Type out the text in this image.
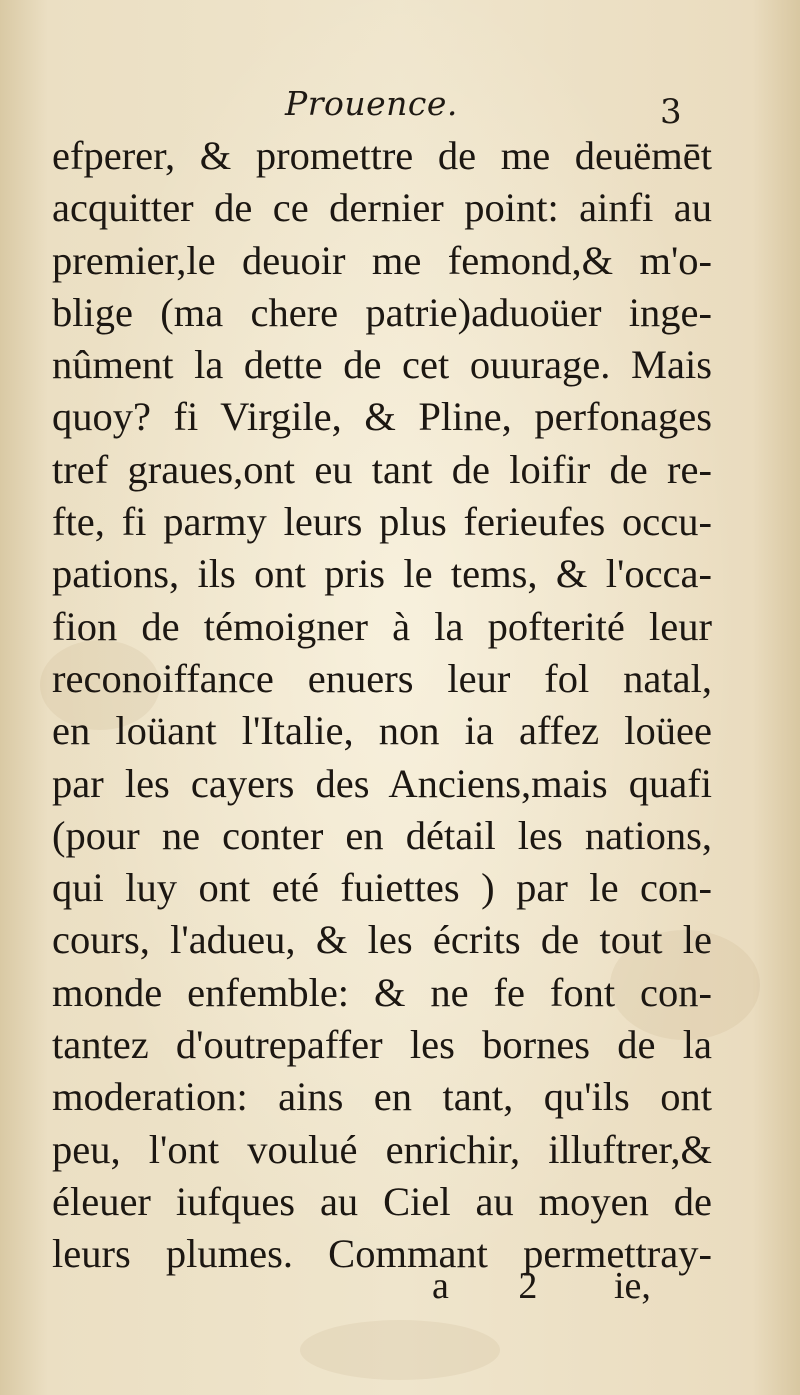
Prouence.	3
efperer, & promettre de me deuëmēt
acquitter de ce dernier point: ainfi au
premier,le deuoir me femond,& m'o-
blige (ma chere patrie)aduoüer inge-
nûment la dette de cet ouurage. Mais
quoy? fi Virgile, & Pline, perfonages
tref graues,ont eu tant de loifir de re-
fte, fi parmy leurs plus ferieufes occu-
pations, ils ont pris le tems, & l'occa-
fion de témoigner à la pofterité leur
reconoiffance enuers leur fol natal,
en loüant l'Italie, non ia affez loüee
par les cayers des Anciens,mais quafi
(pour ne conter en détail les nations,
qui luy ont eté fuiettes ) par le con-
cours, l'adueu, & les écrits de tout le
monde enfemble: & ne fe font con-
tantez d'outrepaffer les bornes de la
moderation: ains en tant, qu'ils ont
peu, l'ont voulué enrichir, illuftrer,&
éleuer iufques au Ciel au moyen de
leurs plumes. Commant permettray-
a 2 ie,
